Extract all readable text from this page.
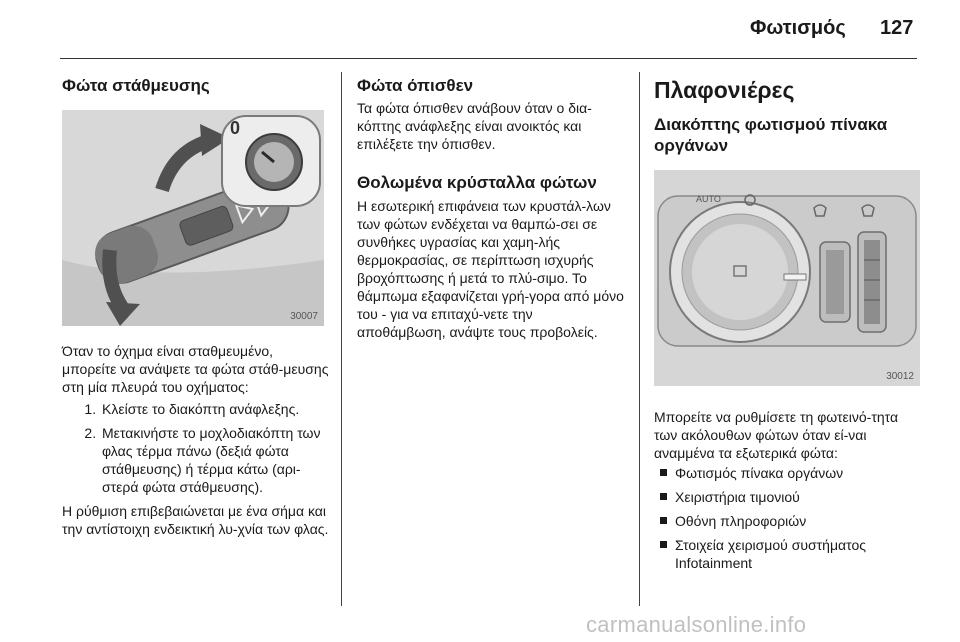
Φωτισμός 127
Φώτα στάθμευσης
0
30007

Όταν το όχημα είναι σταθμευμένο, μπορείτε να ανάψετε τα φώτα στάθ-μευσης στη μία πλευρά του οχήματος:

1. Κλείστε το διακόπτη ανάφλεξης.
2. Μετακινήστε το μοχλοδιακόπτη των φλας τέρμα πάνω (δεξιά φώτα στάθμευσης) ή τέρμα κάτω (αρι-στερά φώτα στάθμευσης).

Η ρύθμιση επιβεβαιώνεται με ένα σήμα και την αντίστοιχη ενδεικτική λυ-χνία των φλας.

Φώτα όπισθεν

Τα φώτα όπισθεν ανάβουν όταν ο δια-κόπτης ανάφλεξης είναι ανοικτός και επιλέξετε την όπισθεν.

Θολωμένα κρύσταλλα φώτων

Η εσωτερική επιφάνεια των κρυστάλ-λων των φώτων ενδέχεται να θαμπώ-σει σε συνθήκες υγρασίας και χαμη-λής θερμοκρασίας, σε περίπτωση ισχυρής βροχόπτωσης ή μετά το πλύ-σιμο. Το θάμπωμα εξαφανίζεται γρή-γορα από μόνο του - για να επιταχύ-νετε την αποθάμβωση, ανάψτε τους προβολείς.

Πλαφονιέρες
Διακόπτης φωτισμού πίνακα οργάνων
AUTO
30012

Μπορείτε να ρυθμίσετε τη φωτεινό-τητα των ακόλουθων φώτων όταν εί-ναι αναμμένα τα εξωτερικά φώτα:

Φωτισμός πίνακα οργάνων
Χειριστήρια τιμονιού
Οθόνη πληροφοριών
Στοιχεία χειρισμού συστήματος Infotainment
carmanualsonline.info
